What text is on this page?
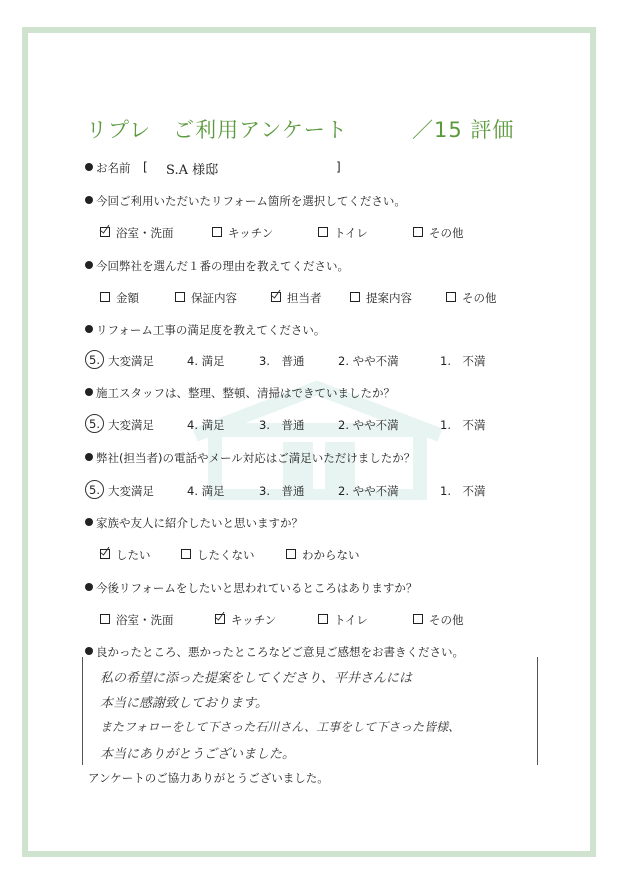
リプレ　ご利用アンケート	／15 評価
お名前 [ S.A 様邸	]
今回ご利用いただいたリフォーム箇所を選択してください。
浴室・洗面	キッチン	トイレ	その他
今回弊社を選んだ１番の理由を教えてください。
金額	保証内容	担当者	提案内容	その他
リフォーム工事の満足度を教えてください。
5. 大変満足	4. 満足	3.　普通	2. やや不満	1.　不満
施工スタッフは、整理、整頓、清掃はできていましたか？
5. 大変満足	4. 満足	3.　普通	2. やや不満	1.　不満
弊社(担当者)の電話やメール対応はご満足いただけましたか？
5. 大変満足	4. 満足	3.　普通	2. やや不満	1.　不満
家族や友人に紹介したいと思いますか？
したい	したくない	わからない
今後リフォームをしたいと思われているところはありますか？
浴室・洗面	キッチン	トイレ	その他
良かったところ、悪かったところなどご意見ご感想をお書きください。
私の希望に添った提案をしてくださり、平井さんには
本当に感謝致しております。
またフォローをして下さった石川さん、工事をして下さった皆様、
本当にありがとうございました。
アンケートのご協力ありがとうございました。
